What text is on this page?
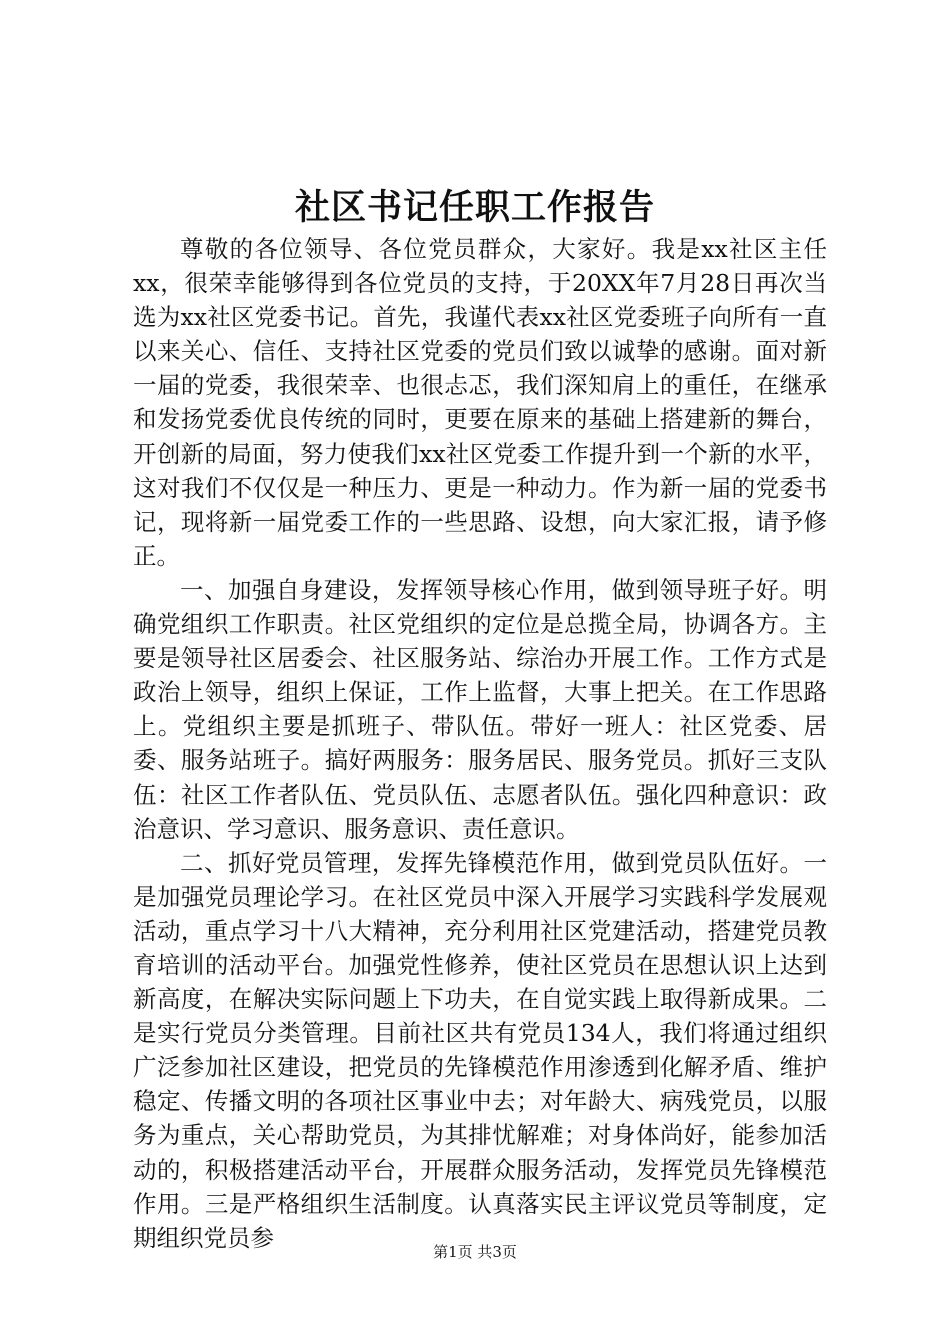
社区书记任职工作报告

尊敬的各位领导、各位党员群众，大家好。我是xx社区主任xx，很荣幸能够得到各位党员的支持，于20XX年7月28日再次当选为xx社区党委书记。首先，我谨代表xx社区党委班子向所有一直以来关心、信任、支持社区党委的党员们致以诚挚的感谢。面对新一届的党委，我很荣幸、也很忐忑，我们深知肩上的重任，在继承和发扬党委优良传统的同时，更要在原来的基础上搭建新的舞台，开创新的局面，努力使我们xx社区党委工作提升到一个新的水平，这对我们不仅仅是一种压力、更是一种动力。作为新一届的党委书记，现将新一届党委工作的一些思路、设想，向大家汇报，请予修正。

一、加强自身建设，发挥领导核心作用，做到领导班子好。明确党组织工作职责。社区党组织的定位是总揽全局，协调各方。主要是领导社区居委会、社区服务站、综治办开展工作。工作方式是政治上领导，组织上保证，工作上监督，大事上把关。在工作思路上。党组织主要是抓班子、带队伍。带好一班人：社区党委、居委、服务站班子。搞好两服务：服务居民、服务党员。抓好三支队伍：社区工作者队伍、党员队伍、志愿者队伍。强化四种意识：政治意识、学习意识、服务意识、责任意识。

二、抓好党员管理，发挥先锋模范作用，做到党员队伍好。一是加强党员理论学习。在社区党员中深入开展学习实践科学发展观活动，重点学习十八大精神，充分利用社区党建活动，搭建党员教育培训的活动平台。加强党性修养，使社区党员在思想认识上达到新高度，在解决实际问题上下功夫，在自觉实践上取得新成果。二是实行党员分类管理。目前社区共有党员134人，我们将通过组织广泛参加社区建设，把党员的先锋模范作用渗透到化解矛盾、维护稳定、传播文明的各项社区事业中去；对年龄大、病残党员，以服务为重点，关心帮助党员，为其排忧解难；对身体尚好，能参加活动的，积极搭建活动平台，开展群众服务活动，发挥党员先锋模范作用。三是严格组织生活制度。认真落实民主评议党员等制度，定期组织党员参

第1页 共3页
